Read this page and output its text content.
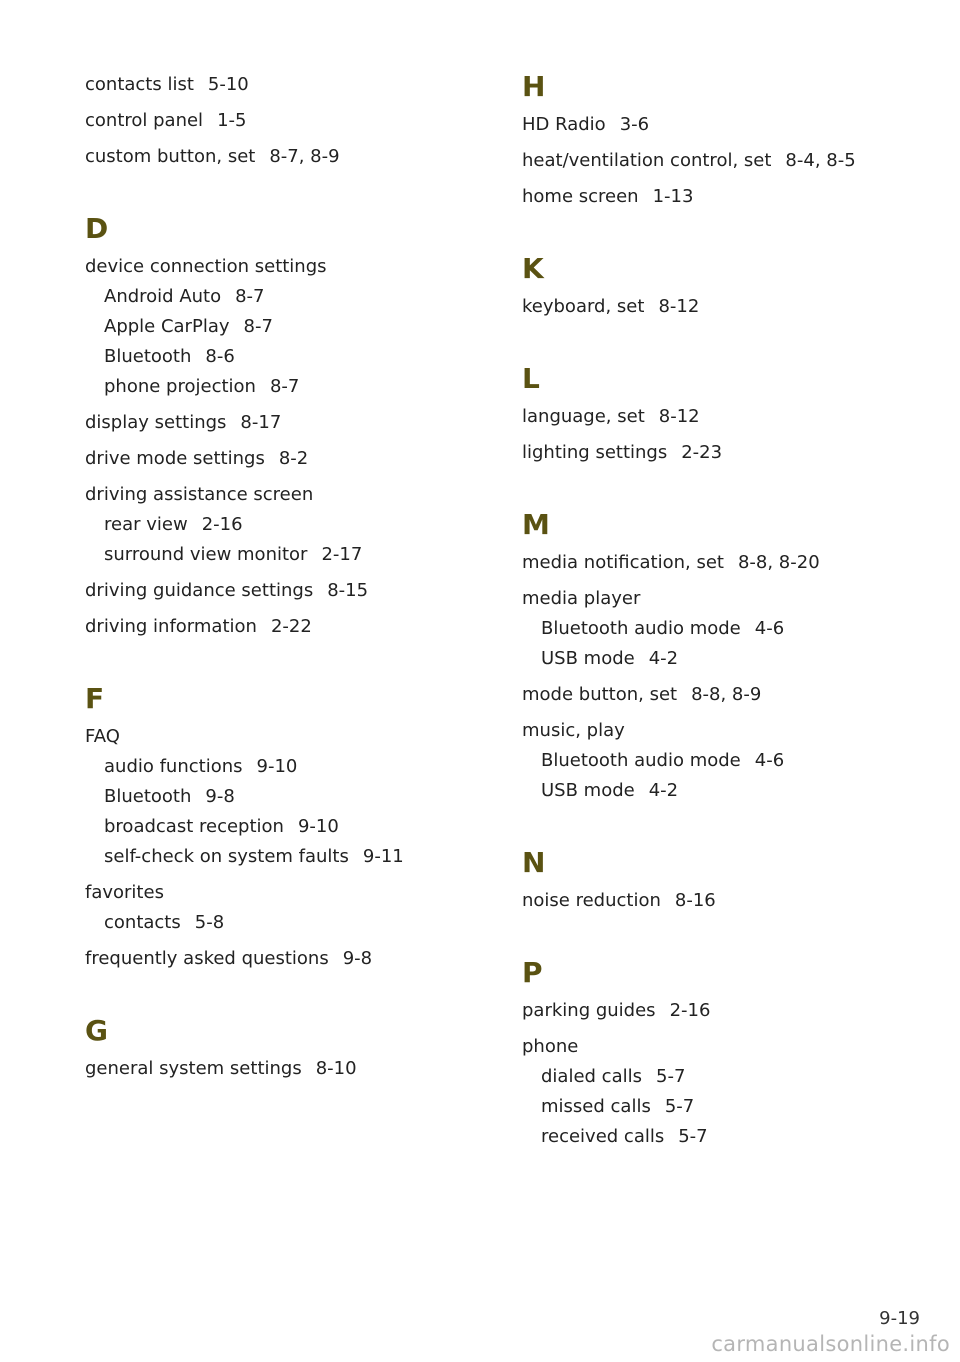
contacts list 5-10
control panel 1-5
custom button, set 8-7, 8-9
D
device connection settings
Android Auto 8-7
Apple CarPlay 8-7
Bluetooth 8-6
phone projection 8-7
display settings 8-17
drive mode settings 8-2
driving assistance screen
rear view 2-16
surround view monitor 2-17
driving guidance settings 8-15
driving information 2-22
F
FAQ
audio functions 9-10
Bluetooth 9-8
broadcast reception 9-10
self-check on system faults 9-11
favorites
contacts 5-8
frequently asked questions 9-8
G
general system settings 8-10
H
HD Radio 3-6
heat/ventilation control, set 8-4, 8-5
home screen 1-13
K
keyboard, set 8-12
L
language, set 8-12
lighting settings 2-23
M
media notification, set 8-8, 8-20
media player
Bluetooth audio mode 4-6
USB mode 4-2
mode button, set 8-8, 8-9
music, play
Bluetooth audio mode 4-6
USB mode 4-2
N
noise reduction 8-16
P
parking guides 2-16
phone
dialed calls 5-7
missed calls 5-7
received calls 5-7
9-19
carmanualsonline.info
